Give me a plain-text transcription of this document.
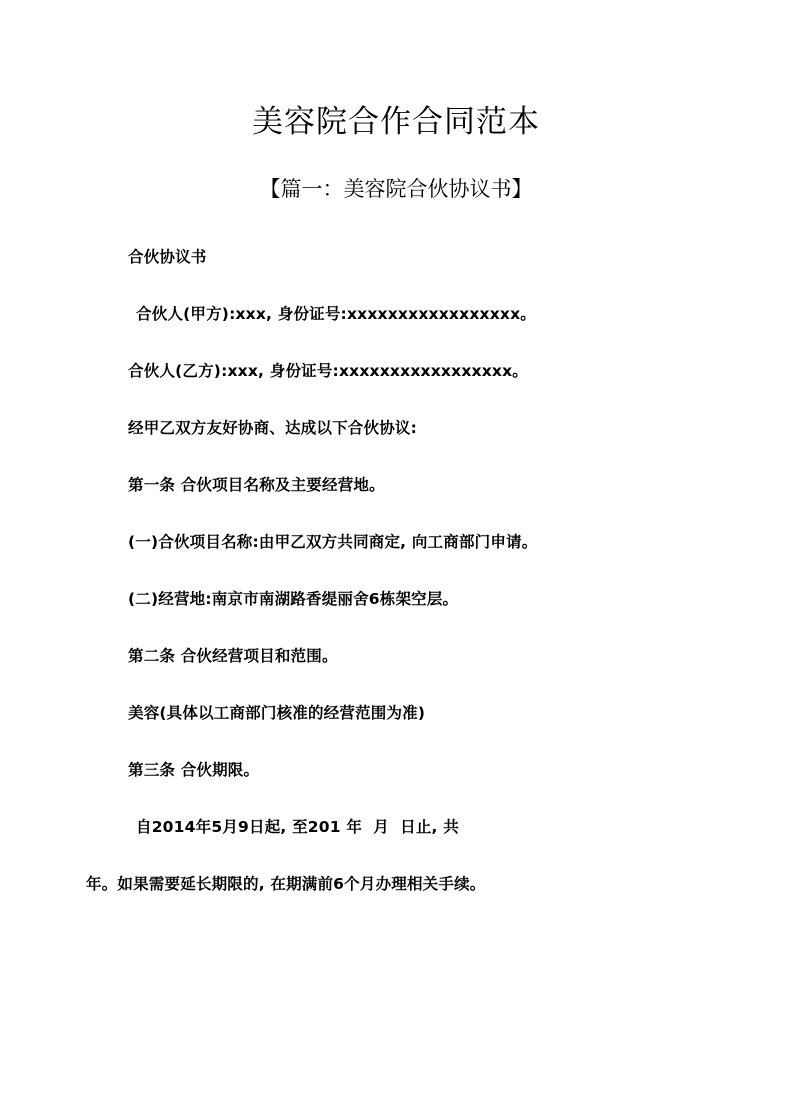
美容院合作合同范本
【篇一：美容院合伙协议书】

合伙协议书

合伙人(甲方):xxx, 身份证号:xxxxxxxxxxxxxxxxx。

合伙人(乙方):xxx, 身份证号:xxxxxxxxxxxxxxxxx。

经甲乙双方友好协商、达成以下合伙协议:

第一条 合伙项目名称及主要经营地。

(一)合伙项目名称:由甲乙双方共同商定, 向工商部门申请。

(二)经营地:南京市南湖路香缇丽舍6栋架空层。

第二条 合伙经营项目和范围。

美容(具体以工商部门核准的经营范围为准)

第三条 合伙期限。

自2014年5月9日起, 至201 年  月  日止, 共

年。如果需要延长期限的, 在期满前6个月办理相关手续。
